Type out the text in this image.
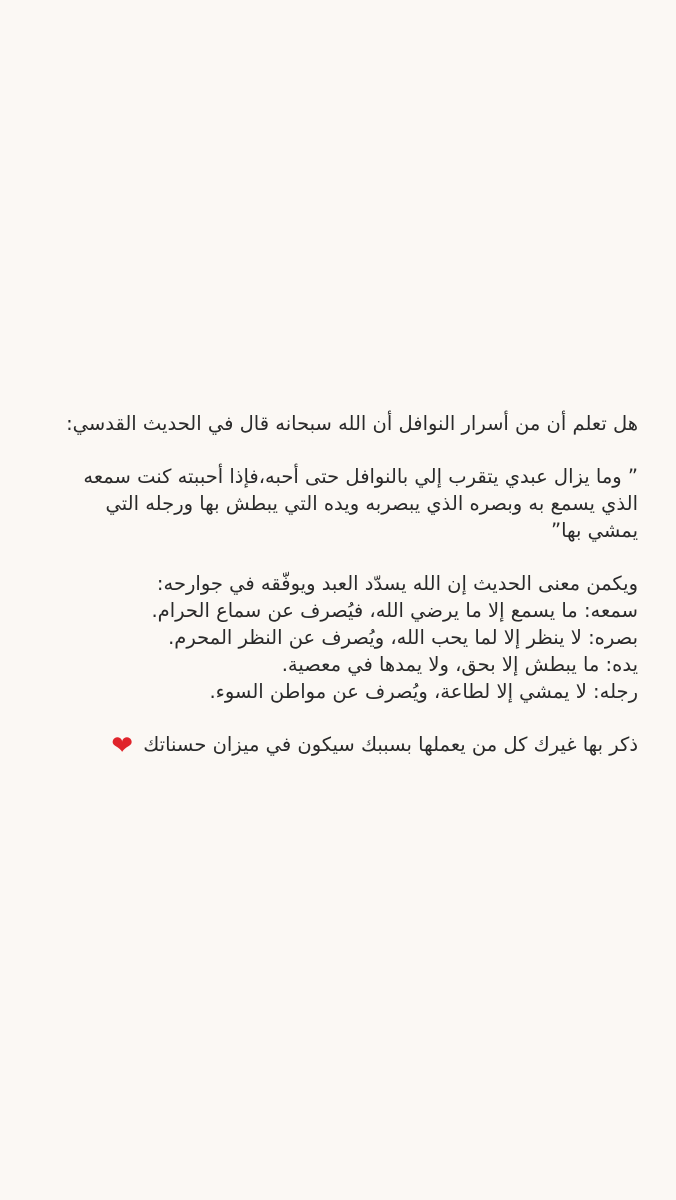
هل تعلم أن من أسرار النوافل أن الله سبحانه قال في الحديث القدسي:
” وما يزال عبدي يتقرب إلي بالنوافل حتى أحبه،فإذا أحببته كنت سمعه الذي يسمع به وبصره الذي يبصربه ويده التي يبطش بها ورجله التي يمشي بها”
ويكمن معنى الحديث إن الله يسدّد العبد ويوفّقه في جوارحه:
سمعه: ما يسمع إلا ما يرضي الله، فيُصرف عن سماع الحرام.
بصره: لا ينظر إلا لما يحب الله، ويُصرف عن النظر المحرم.
يده: ما يبطش إلا بحق، ولا يمدها في معصية.
رجله: لا يمشي إلا لطاعة، ويُصرف عن مواطن السوء.
ذكر بها غيرك كل من يعملها بسببك سيكون في ميزان حسناتك ❤
